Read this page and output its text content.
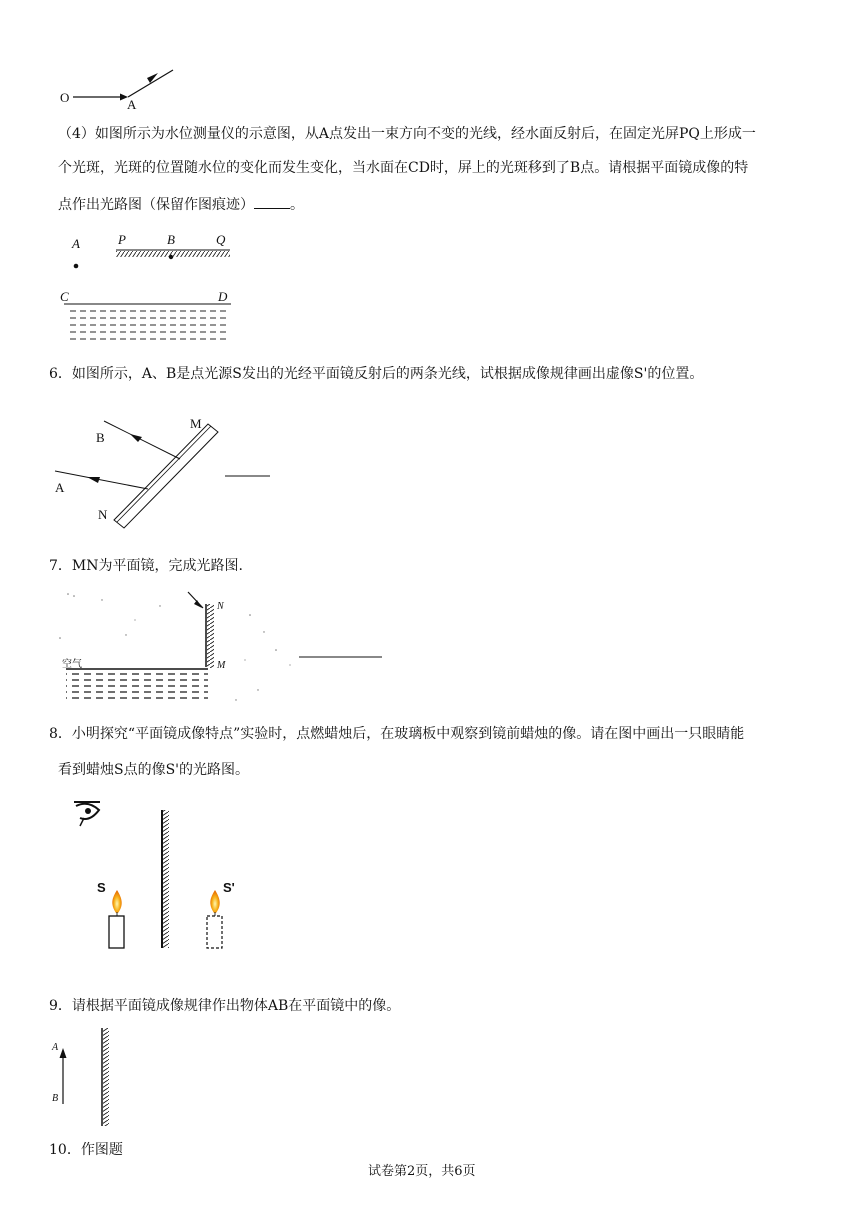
O	A
（4）如图所示为水位测量仪的示意图，从A点发出一束方向不变的光线，经水面反射后，在固定光屏PQ上形成一
个光斑，光斑的位置随水位的变化而发生变化，当水面在CD时，屏上的光斑移到了B点。请根据平面镜成像的特
点作出光路图（保留作图痕迹）	。
A	P	B	Q
C	D
6．如图所示，A、B是点光源S发出的光经平面镜反射后的两条光线，试根据成像规律画出虚像S'的位置。
B
M
A
N
7．MN为平面镜，完成光路图.
N
M
空气
8．小明探究“平面镜成像特点”实验时，点燃蜡烛后，在玻璃板中观察到镜前蜡烛的像。请在图中画出一只眼睛能
看到蜡烛S点的像S'的光路图。
S	S'
9．请根据平面镜成像规律作出物体AB在平面镜中的像。
A
B
10．作图题
试卷第2页，共6页
